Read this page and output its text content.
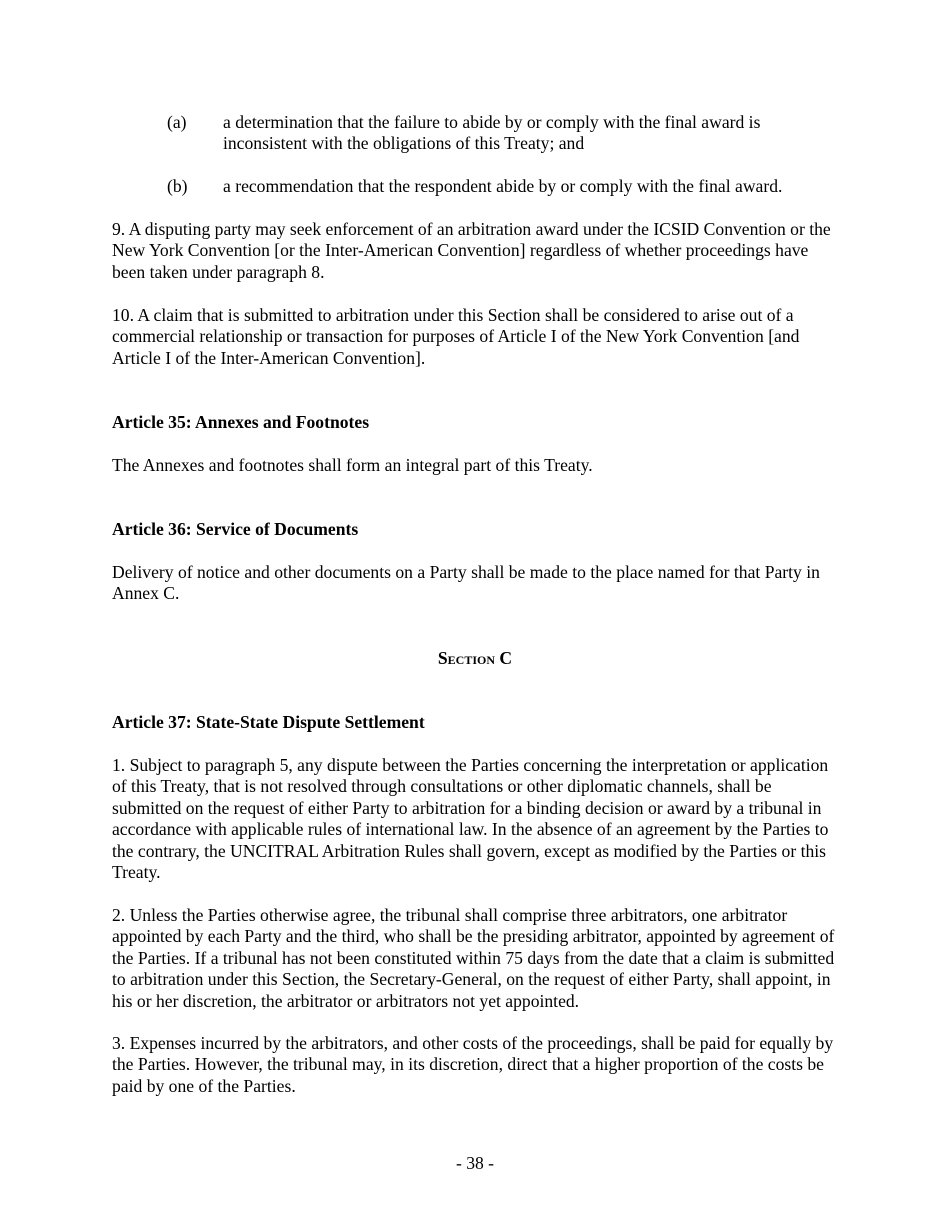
(a) a determination that the failure to abide by or comply with the final award is inconsistent with the obligations of this Treaty; and
(b) a recommendation that the respondent abide by or comply with the final award.

9. A disputing party may seek enforcement of an arbitration award under the ICSID Convention or the New York Convention [or the Inter-American Convention] regardless of whether proceedings have been taken under paragraph 8.

10. A claim that is submitted to arbitration under this Section shall be considered to arise out of a commercial relationship or transaction for purposes of Article I of the New York Convention [and Article I of the Inter-American Convention].

Article 35: Annexes and Footnotes

The Annexes and footnotes shall form an integral part of this Treaty.

Article 36: Service of Documents

Delivery of notice and other documents on a Party shall be made to the place named for that Party in Annex C.

Section C

Article 37: State-State Dispute Settlement

1. Subject to paragraph 5, any dispute between the Parties concerning the interpretation or application of this Treaty, that is not resolved through consultations or other diplomatic channels, shall be submitted on the request of either Party to arbitration for a binding decision or award by a tribunal in accordance with applicable rules of international law. In the absence of an agreement by the Parties to the contrary, the UNCITRAL Arbitration Rules shall govern, except as modified by the Parties or this Treaty.

2. Unless the Parties otherwise agree, the tribunal shall comprise three arbitrators, one arbitrator appointed by each Party and the third, who shall be the presiding arbitrator, appointed by agreement of the Parties. If a tribunal has not been constituted within 75 days from the date that a claim is submitted to arbitration under this Section, the Secretary-General, on the request of either Party, shall appoint, in his or her discretion, the arbitrator or arbitrators not yet appointed.

3. Expenses incurred by the arbitrators, and other costs of the proceedings, shall be paid for equally by the Parties. However, the tribunal may, in its discretion, direct that a higher proportion of the costs be paid by one of the Parties.

- 38 -
